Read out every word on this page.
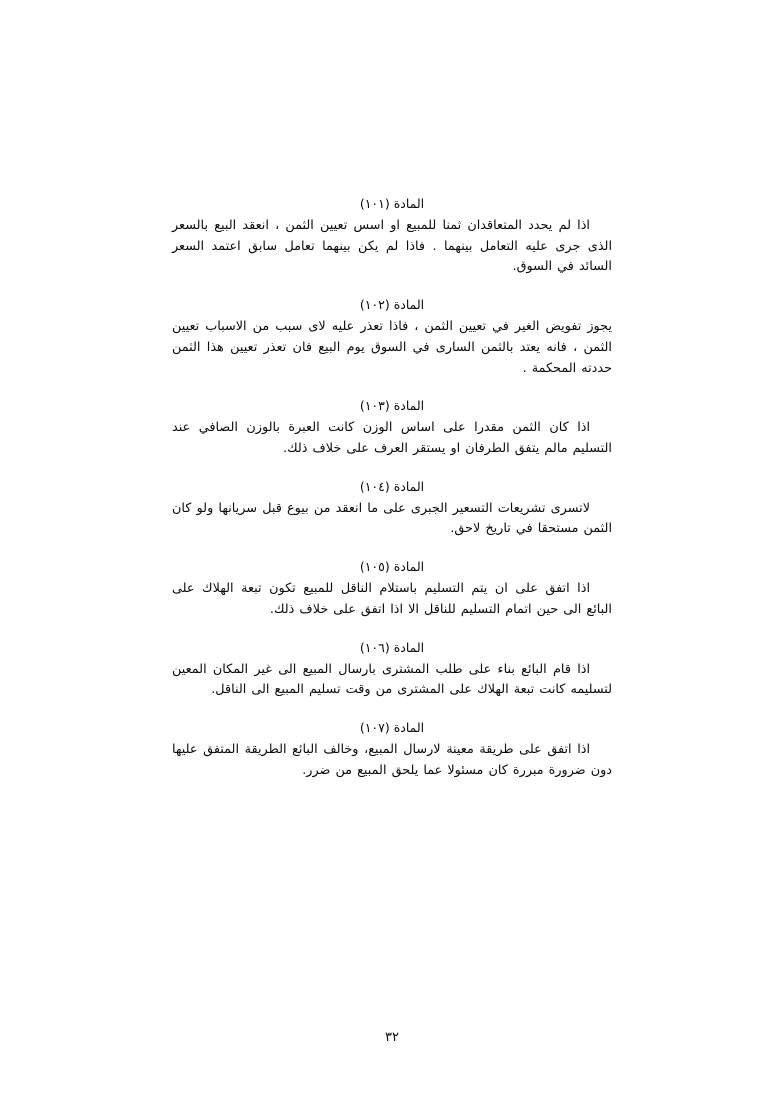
المادة (١٠١)
اذا لم يحدد المتعاقدان ثمنا للمبيع او اسس تعيين الثمن ، انعقد البيع بالسعر الذى جرى عليه التعامل بينهما . فاذا لم يكن بينهما تعامل سابق اعتمد السعر السائد في السوق.
المادة (١٠٢)
يجوز تفويض الغير في تعيين الثمن ، فاذا تعذر عليه لاى سبب من الاسباب تعيين الثمن ، فانه يعتد بالثمن السارى في السوق يوم البيع فان تعذر تعيين هذا الثمن حددته المحكمة .
المادة (١٠٣)
اذا كان الثمن مقدرا على اساس الوزن كانت العبرة بالوزن الصافي عند التسليم مالم يتفق الطرفان او يستقر العرف على خلاف ذلك.
المادة (١٠٤)
لاتسرى تشريعات التسعير الجبرى على ما انعقد من بيوع قبل سريانها ولو كان الثمن مستحقا في تاريخ لاحق.
المادة (١٠٥)
اذا اتفق على ان يتم التسليم باستلام الناقل للمبيع تكون تبعة الهلاك على البائع الى حين اتمام التسليم للناقل الا اذا اتفق على خلاف ذلك.
المادة (١٠٦)
اذا قام البائع بناء على طلب المشترى بارسال المبيع الى غير المكان المعين لتسليمه كانت تبعة الهلاك على المشترى من وقت تسليم المبيع الى الناقل.
المادة (١٠٧)
اذا اتفق على طريقة معينة لارسال المبيع، وخالف البائع الطريقة المتفق عليها دون ضرورة مبررة كان مسئولا عما يلحق المبيع من ضرر.
٣٢
